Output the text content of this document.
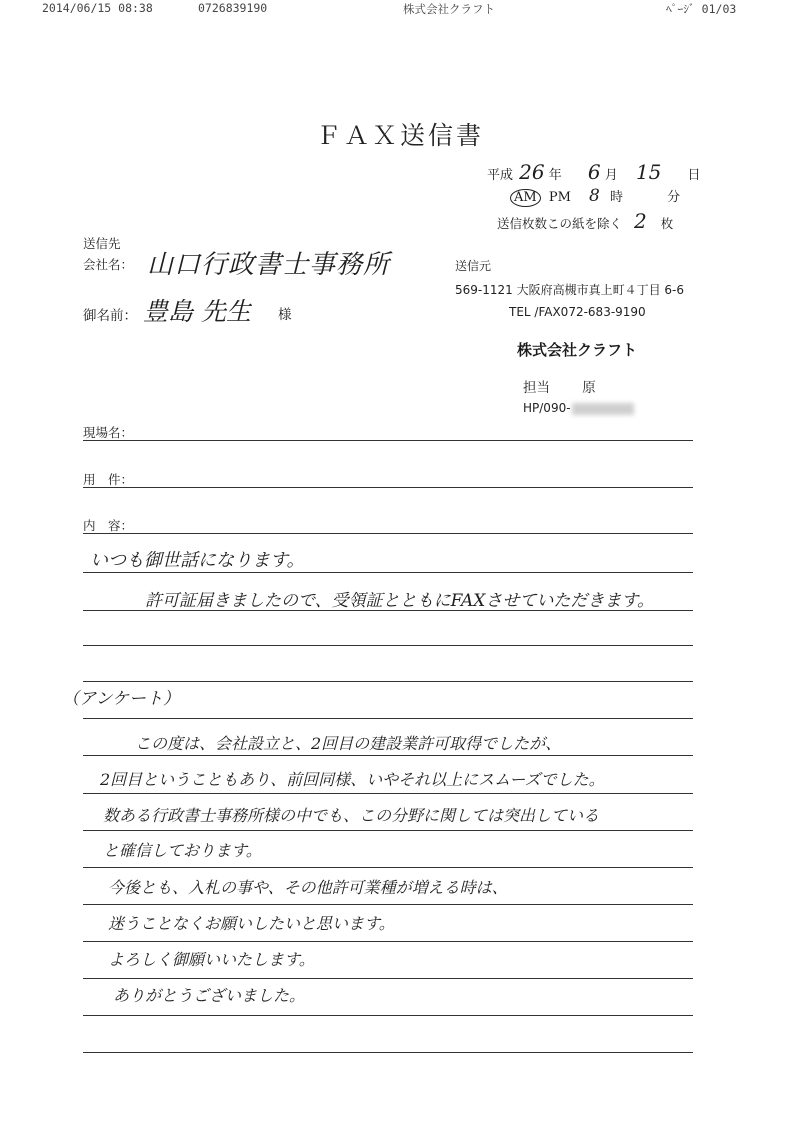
2014/06/15 08:38	0726839190	株式会社クラフト	ﾍﾟｰｼﾞ 01/03
ＦＡＸ送信書
平成 26 年 6 月 15 日
AM PM 8 時	分
送信枚数この紙を除く 2 枚
送信先
会社名： 山口行政書士事務所
御名前： 豊島 先生 様
送信元
569-1121 大阪府高槻市真上町４丁目 6-6
TEL /FAX072-683-9190
株式会社クラフト
担当 原
HP/090-
現場名：
用　件：
内　容：
いつも御世話になります。
許可証届きましたので、受領証とともにFAXさせていただきます。
（アンケート）
この度は、会社設立と、2回目の建設業許可取得でしたが、
2回目ということもあり、前回同様、いやそれ以上にスムーズでした。
数ある行政書士事務所様の中でも、この分野に関しては突出している
と確信しております。
今後とも、入札の事や、その他許可業種が増える時は、
迷うことなくお願いしたいと思います。
よろしく御願いいたします。
ありがとうございました。
